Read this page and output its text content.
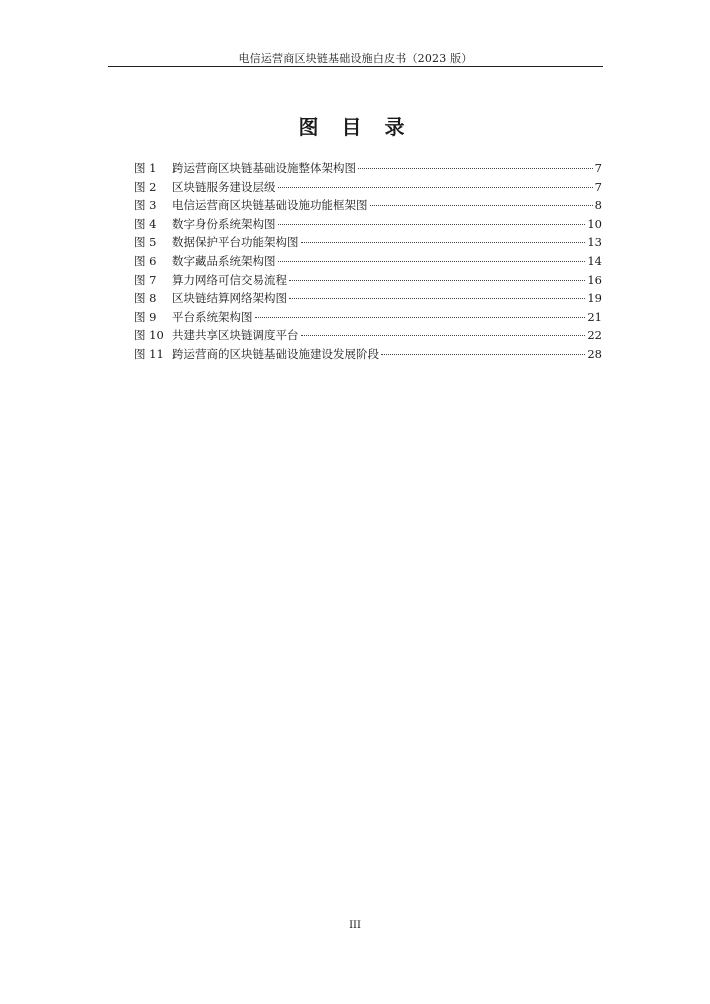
电信运营商区块链基础设施白皮书（2023 版）
图 目 录
图 1	跨运营商区块链基础设施整体架构图	7
图 2	区块链服务建设层级	7
图 3	电信运营商区块链基础设施功能框架图	8
图 4	数字身份系统架构图	10
图 5	数据保护平台功能架构图	13
图 6	数字藏品系统架构图	14
图 7	算力网络可信交易流程	16
图 8	区块链结算网络架构图	19
图 9	平台系统架构图	21
图 10 共建共享区块链调度平台	22
图 11 跨运营商的区块链基础设施建设发展阶段	28
III
